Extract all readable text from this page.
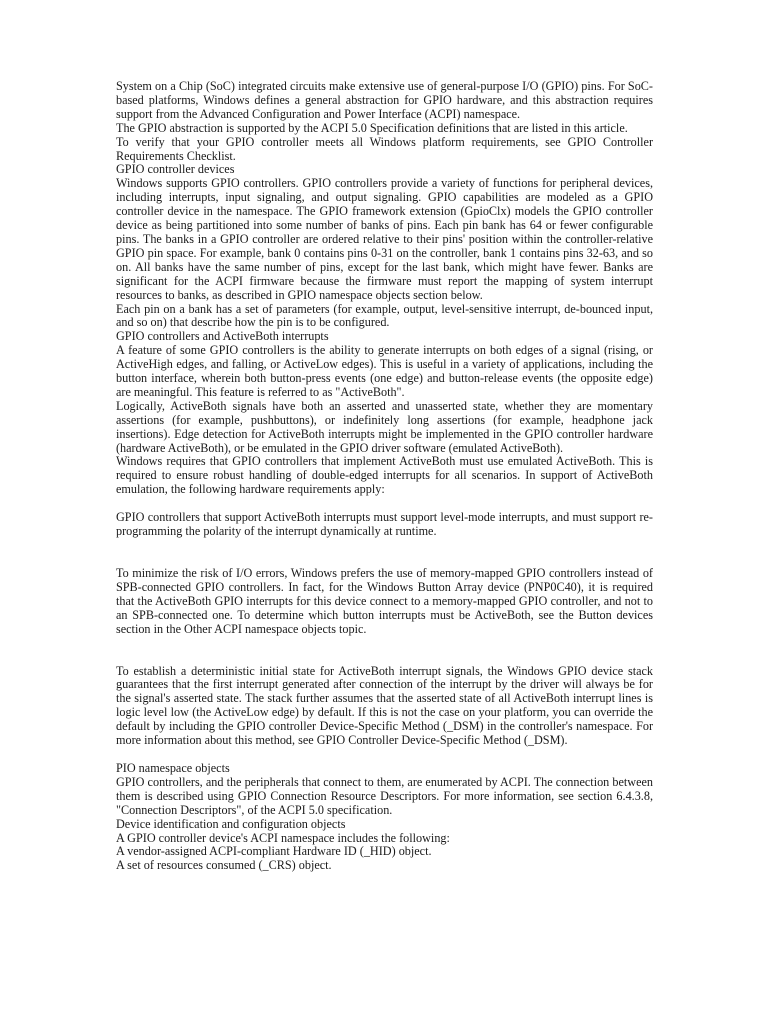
System on a Chip (SoC) integrated circuits make extensive use of general-purpose I/O (GPIO) pins. For SoC-based platforms, Windows defines a general abstraction for GPIO hardware, and this abstraction requires support from the Advanced Configuration and Power Interface (ACPI) namespace.

The GPIO abstraction is supported by the ACPI 5.0 Specification definitions that are listed in this article.

To verify that your GPIO controller meets all Windows platform requirements, see GPIO Controller Requirements Checklist.

GPIO controller devices

Windows supports GPIO controllers. GPIO controllers provide a variety of functions for peripheral devices, including interrupts, input signaling, and output signaling. GPIO capabilities are modeled as a GPIO controller device in the namespace. The GPIO framework extension (GpioClx) models the GPIO controller device as being partitioned into some number of banks of pins. Each pin bank has 64 or fewer configurable pins. The banks in a GPIO controller are ordered relative to their pins' position within the controller-relative GPIO pin space. For example, bank 0 contains pins 0-31 on the controller, bank 1 contains pins 32-63, and so on. All banks have the same number of pins, except for the last bank, which might have fewer. Banks are significant for the ACPI firmware because the firmware must report the mapping of system interrupt resources to banks, as described in GPIO namespace objects section below.

Each pin on a bank has a set of parameters (for example, output, level-sensitive interrupt, de-bounced input, and so on) that describe how the pin is to be configured.

GPIO controllers and ActiveBoth interrupts

A feature of some GPIO controllers is the ability to generate interrupts on both edges of a signal (rising, or ActiveHigh edges, and falling, or ActiveLow edges). This is useful in a variety of applications, including the button interface, wherein both button-press events (one edge) and button-release events (the opposite edge) are meaningful. This feature is referred to as "ActiveBoth".

Logically, ActiveBoth signals have both an asserted and unasserted state, whether they are momentary assertions (for example, pushbuttons), or indefinitely long assertions (for example, headphone jack insertions). Edge detection for ActiveBoth interrupts might be implemented in the GPIO controller hardware (hardware ActiveBoth), or be emulated in the GPIO driver software (emulated ActiveBoth).

Windows requires that GPIO controllers that implement ActiveBoth must use emulated ActiveBoth. This is required to ensure robust handling of double-edged interrupts for all scenarios. In support of ActiveBoth emulation, the following hardware requirements apply:

GPIO controllers that support ActiveBoth interrupts must support level-mode interrupts, and must support re-programming the polarity of the interrupt dynamically at runtime.

To minimize the risk of I/O errors, Windows prefers the use of memory-mapped GPIO controllers instead of SPB-connected GPIO controllers. In fact, for the Windows Button Array device (PNP0C40), it is required that the ActiveBoth GPIO interrupts for this device connect to a memory-mapped GPIO controller, and not to an SPB-connected one. To determine which button interrupts must be ActiveBoth, see the Button devices section in the Other ACPI namespace objects topic.

To establish a deterministic initial state for ActiveBoth interrupt signals, the Windows GPIO device stack guarantees that the first interrupt generated after connection of the interrupt by the driver will always be for the signal's asserted state. The stack further assumes that the asserted state of all ActiveBoth interrupt lines is logic level low (the ActiveLow edge) by default. If this is not the case on your platform, you can override the default by including the GPIO controller Device-Specific Method (_DSM) in the controller's namespace. For more information about this method, see GPIO Controller Device-Specific Method (_DSM).

PIO namespace objects

GPIO controllers, and the peripherals that connect to them, are enumerated by ACPI. The connection between them is described using GPIO Connection Resource Descriptors. For more information, see section 6.4.3.8, "Connection Descriptors", of the ACPI 5.0 specification.

Device identification and configuration objects

A GPIO controller device's ACPI namespace includes the following:

A vendor-assigned ACPI-compliant Hardware ID (_HID) object.

A set of resources consumed (_CRS) object.
